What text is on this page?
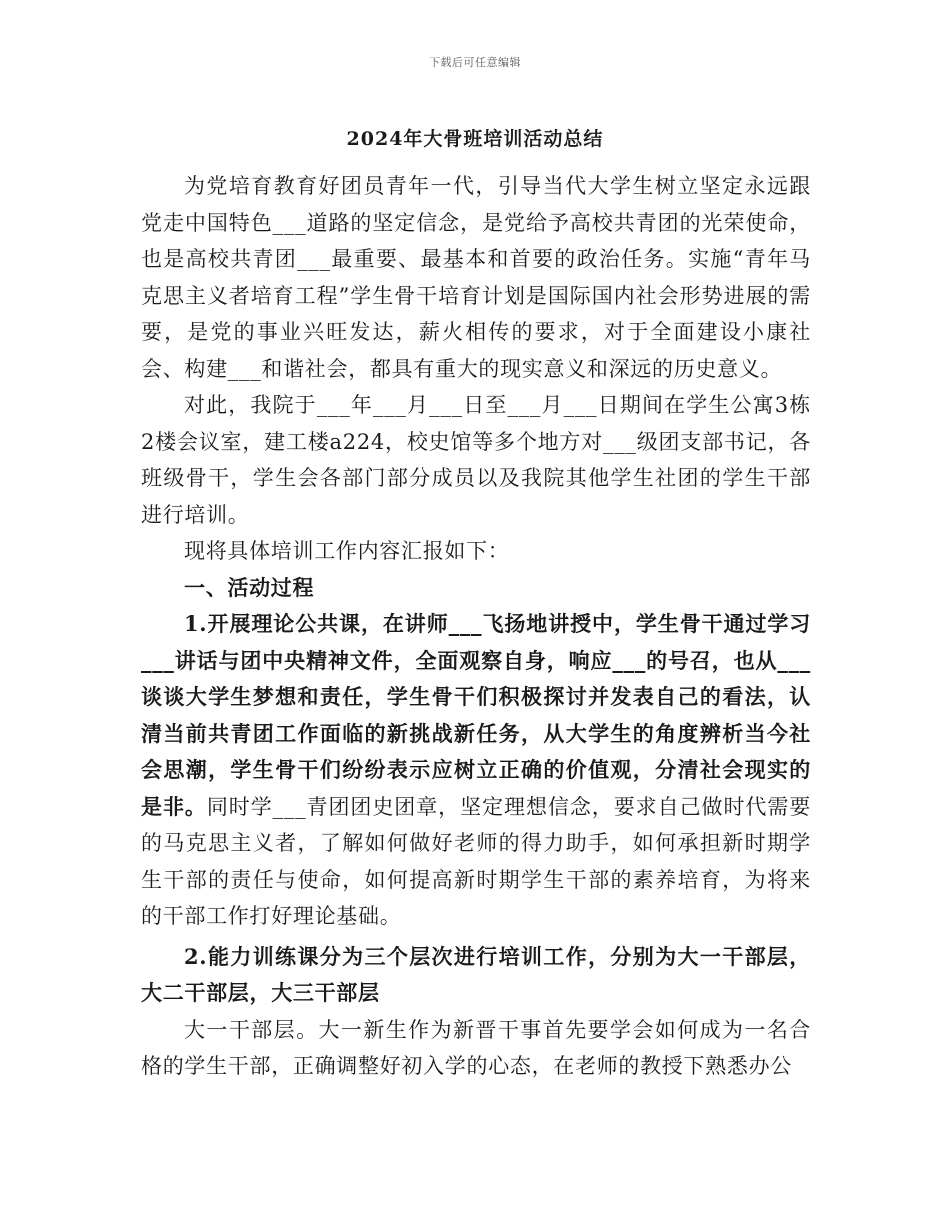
下载后可任意编辑
2024年大骨班培训活动总结

为党培育教育好团员青年一代，引导当代大学生树立坚定永远跟党走中国特色___道路的坚定信念，是党给予高校共青团的光荣使命，也是高校共青团___最重要、最基本和首要的政治任务。实施“青年马克思主义者培育工程”学生骨干培育计划是国际国内社会形势进展的需要，是党的事业兴旺发达，薪火相传的要求，对于全面建设小康社会、构建___和谐社会，都具有重大的现实意义和深远的历史意义。

对此，我院于___年___月___日至___月___日期间在学生公寓3栋2楼会议室，建工楼a224，校史馆等多个地方对___级团支部书记，各班级骨干，学生会各部门部分成员以及我院其他学生社团的学生干部进行培训。

现将具体培训工作内容汇报如下：

一、活动过程

1.开展理论公共课，在讲师___飞扬地讲授中，学生骨干通过学习___讲话与团中央精神文件，全面观察自身，响应___的号召，也从___谈谈大学生梦想和责任，学生骨干们积极探讨并发表自己的看法，认清当前共青团工作面临的新挑战新任务，从大学生的角度辨析当今社会思潮，学生骨干们纷纷表示应树立正确的价值观，分清社会现实的是非。同时学___青团团史团章，坚定理想信念，要求自己做时代需要的马克思主义者，了解如何做好老师的得力助手，如何承担新时期学生干部的责任与使命，如何提高新时期学生干部的素养培育，为将来的干部工作打好理论基础。

2.能力训练课分为三个层次进行培训工作，分别为大一干部层，大二干部层，大三干部层

大一干部层。大一新生作为新晋干事首先要学会如何成为一名合格的学生干部，正确调整好初入学的心态，在老师的教授下熟悉办公
